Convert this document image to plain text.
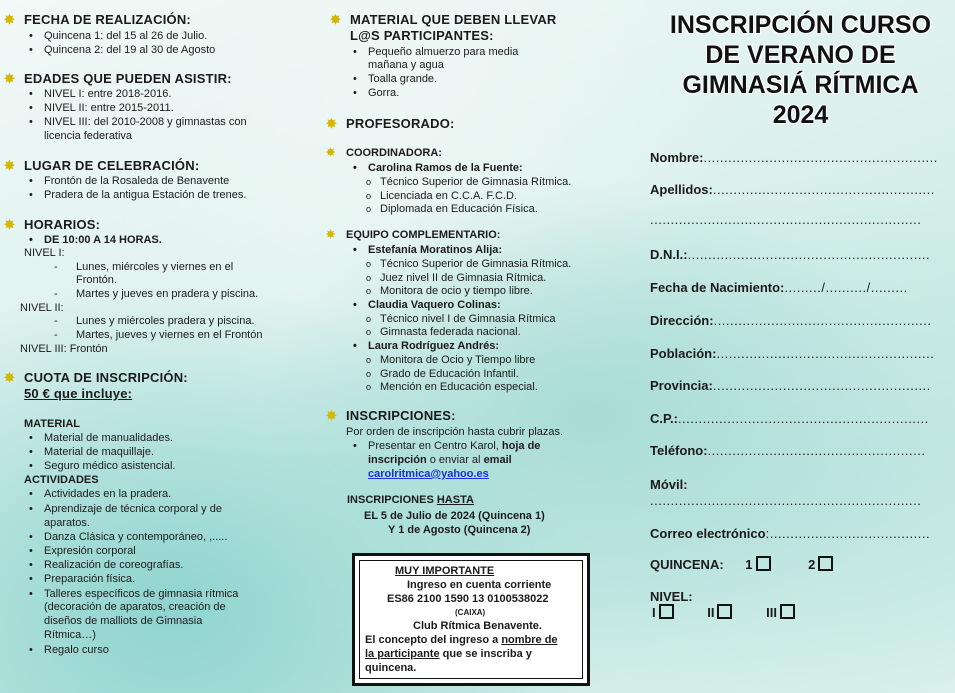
✸ FECHA DE REALIZACIÓN:
• Quincena 1: del 15 al 26 de Julio.
• Quincena 2: del 19 al 30 de Agosto
✸ EDADES QUE PUEDEN ASISTIR:
• NIVEL I: entre 2018-2016.
• NIVEL II: entre 2015-2011.
• NIVEL III: del 2010-2008 y gimnastas con
licencia federativa
✸ LUGAR DE CELEBRACIÓN:
• Frontón de la Rosaleda de Benavente
• Pradera de la antigua Estación de trenes.
✸ HORARIOS:
• DE 10:00 A 14 HORAS.
NIVEL I:
- Lunes, miércoles y viernes en el
Frontón.
- Martes y jueves en pradera y piscina.
NIVEL II:
- Lunes y miércoles pradera y piscina.
- Martes, jueves y viernes en el Frontón
NIVEL III: Frontón
✸ CUOTA DE INSCRIPCIÓN:
50 € que incluye:
MATERIAL
• Material de manualidades.
• Material de maquillaje.
• Seguro médico asistencial.
ACTIVIDADES
• Actividades en la pradera.
• Aprendizaje de técnica corporal y de
aparatos.
• Danza Clásica y contemporáneo, ,.....
• Expresión corporal
• Realización de coreografías.
• Preparación física.
• Talleres específicos de gimnasia rítmica
(decoración de aparatos, creación de
diseños de malliots de Gimnasia
Rítmica…)
• Regalo curso
✸ MATERIAL QUE DEBEN LLEVAR
L@S PARTICIPANTES:
• Pequeño almuerzo para media
mañana y agua
• Toalla grande.
• Gorra.
✸ PROFESORADO:
✸ COORDINADORA:
• Carolina Ramos de la Fuente:
o Técnico Superior de Gimnasia Rítmica.
o Licenciada en C.C.A. F.C.D.
o Diplomada en Educación Física.
✸ EQUIPO COMPLEMENTARIO:
• Estefanía Moratinos Alija:
o Técnico Superior de Gimnasia Rítmica.
o Juez nivel II de Gimnasia Rítmica.
o Monitora de ocio y tiempo libre.
• Claudia Vaquero Colinas:
o Técnico nivel I de Gimnasia Rítmica
o Gimnasta federada nacional.
• Laura Rodríguez Andrés:
o Monitora de Ocio y Tiempo libre
o Grado de Educación Infantil.
o Mención en Educación especial.
✸ INSCRIPCIONES:
Por orden de inscripción hasta cubrir plazas.
• Presentar en Centro Karol, hoja de
inscripción o enviar al email
carolritmica@yahoo.es
INSCRIPCIONES HASTA
EL 5 de Julio de 2024 (Quincena 1)
Y 1 de Agosto (Quincena 2)
MUY IMPORTANTE
Ingreso en cuenta corriente
ES86 2100 1590 13 0100538022
(CAIXA)
Club Rítmica Benavente.
El concepto del ingreso a nombre de
la participante que se inscriba y
quincena.
INSCRIPCIÓN CURSO
DE VERANO DE
GIMNASIÁ RÍTMICA
2024
Nombre:.........................................................
Apellidos:......................................................
..................................................................
D.N.I.:...........................................................
Fecha de Nacimiento:........./........../.........
Dirección:.....................................................
Población:.....................................................
Provincia:.....................................................
C.P.:.............................................................
Teléfono:.....................................................
Móvil:
..................................................................
Correo electrónico:.......................................
QUINCENA: 1	2
NIVEL:
I	II	III
